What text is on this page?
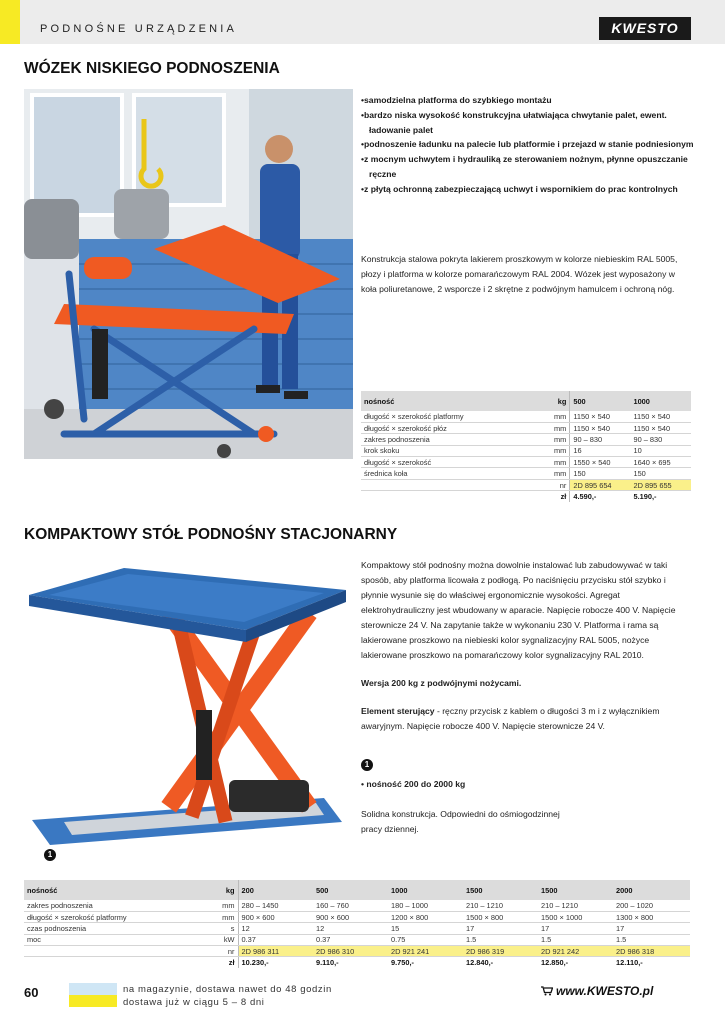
PODNOŚNE URZĄDZENIA	KWESTO
WÓZEK NISKIEGO PODNOSZENIA
• samodzielna platforma do szybkiego montażu
• bardzo niska wysokość konstrukcyjna ułatwiająca chwytanie palet, ewent. ładowanie palet
• podnoszenie ładunku na palecie lub platformie i przejazd w stanie podniesionym
• z mocnym uchwytem i hydrauliką ze sterowaniem nożnym, płynne opuszczanie ręczne
• z płytą ochronną zabezpieczającą uchwyt i wspornikiem do prac kontrolnych

Konstrukcja stalowa pokryta lakierem proszkowym w kolorze niebieskim RAL 5005, płozy i platforma w kolorze pomarańczowym RAL 2004. Wózek jest wyposażony w koła poliuretanowe, 2 wsporcze i 2 skrętne z podwójnym hamulcem i ochroną nóg.

nośność	kg	500	1000
długość × szerokość platformy	mm	1150 × 540	1150 × 540
długość × szerokość płóz	mm	1150 × 540	1150 × 540
zakres podnoszenia	mm	90 – 830	90 – 830
krok skoku	mm	16	10
długość × szerokość	mm	1550 × 540	1640 × 695
średnica koła	mm	150	150
	nr	2D 895 654	2D 895 655
	zł	4.590,-	5.190,-
KOMPAKTOWY STÓŁ PODNOŚNY STACJONARNY
1

Kompaktowy stół podnośny można dowolnie instalować lub zabudowywać w taki sposób, aby platforma licowała z podłogą. Po naciśnięciu przycisku stół szybko i płynnie wysunie się do właściwej ergonomicznie wysokości. Agregat elektrohydrauliczny jest wbudowany w aparacie. Napięcie robocze 400 V. Napięcie sterownicze 24 V. Na zapytanie także w wykonaniu 230 V. Platforma i rama są lakierowane proszkowo na niebieski kolor sygnalizacyjny RAL 5005, nożyce lakierowane proszkowo na pomarańczowy kolor sygnalizacyjny RAL 2010.

Wersja 200 kg z podwójnymi nożycami.

Element sterujący - ręczny przycisk z kablem o długości 3 m i z wyłącznikiem awaryjnym. Napięcie robocze 400 V. Napięcie sterownicze 24 V.

1

• nośność 200 do 2000 kg

Solidna konstrukcja. Odpowiedni do ośmiogodzinnej pracy dziennej.

nośność	kg	200	500	1000	1500	1500	2000
zakres podnoszenia	mm	280 – 1450	160 – 760	180 – 1000	210 – 1210	210 – 1210	200 – 1020
długość × szerokość platformy	mm	900 × 600	900 × 600	1200 × 800	1500 × 800	1500 × 1000	1300 × 800
czas podnoszenia	s	12	12	15	17	17	17
moc	kW	0.37	0.37	0.75	1.5	1.5	1.5
	nr	2D 986 311	2D 986 310	2D 921 241	2D 986 319	2D 921 242	2D 986 318
	zł	10.230,-	9.110,-	9.750,-	12.840,-	12.850,-	12.110,-
60	na magazynie, dostawa nawet do 48 godzin
dostawa już w ciągu 5 – 8 dni
www.KWESTO.pl
